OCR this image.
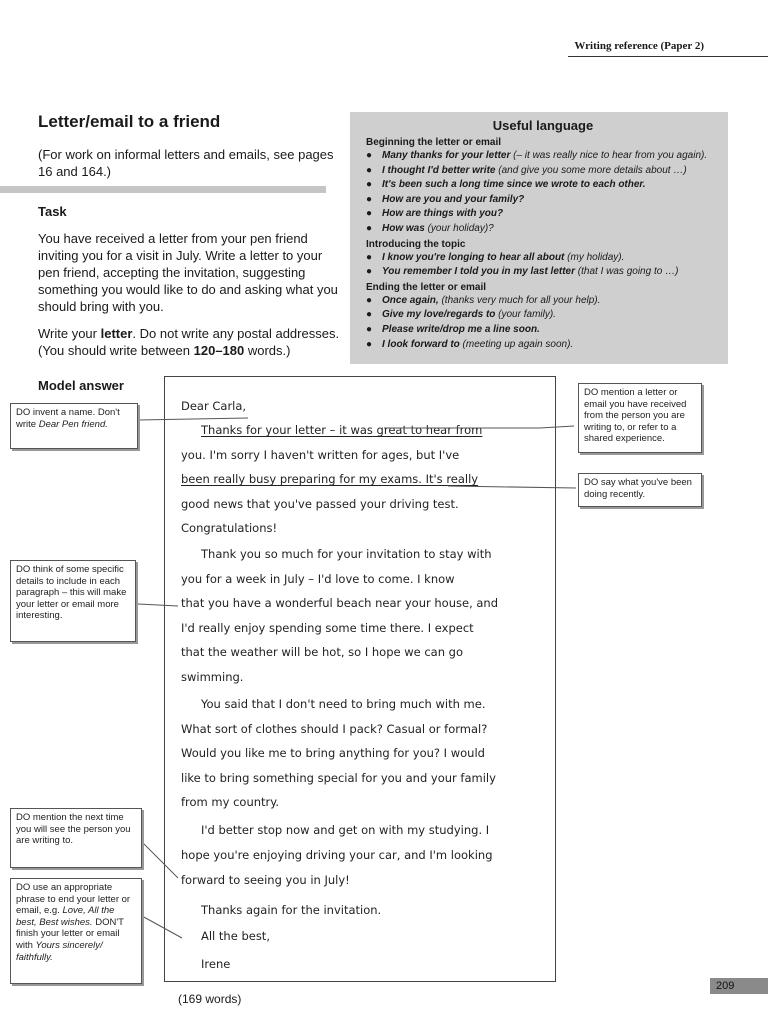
Writing reference (Paper 2)
Letter/email to a friend

(For work on informal letters and emails, see pages 16 and 164.)

Task

You have received a letter from your pen friend inviting you for a visit in July. Write a letter to your pen friend, accepting the invitation, suggesting something you would like to do and asking what you should bring with you.

Write your letter. Do not write any postal addresses. (You should write between 120–180 words.)

Useful language
Beginning the letter or email
● Many thanks for your letter (– it was really nice to hear from you again).
● I thought I'd better write (and give you some more details about …)
● It's been such a long time since we wrote to each other.
● How are you and your family?
● How are things with you?
● How was (your holiday)?
Introducing the topic
● I know you're longing to hear all about (my holiday).
● You remember I told you in my last letter (that I was going to …)
Ending the letter or email
● Once again, (thanks very much for all your help).
● Give my love/regards to (your family).
● Please write/drop me a line soon.
● I look forward to (meeting up again soon).
Model answer
Dear Carla,
Thanks for your letter – it was great to hear from
you. I'm sorry I haven't written for ages, but I've
been really busy preparing for my exams. It's really
good news that you've passed your driving test.
Congratulations!
Thank you so much for your invitation to stay with
you for a week in July – I'd love to come. I know
that you have a wonderful beach near your house, and
I'd really enjoy spending some time there. I expect
that the weather will be hot, so I hope we can go
swimming.
You said that I don't need to bring much with me.
What sort of clothes should I pack? Casual or formal?
Would you like me to bring anything for you? I would
like to bring something special for you and your family
from my country.
I'd better stop now and get on with my studying. I
hope you're enjoying driving your car, and I'm looking
forward to seeing you in July!
Thanks again for the invitation.
All the best,
Irene
(169 words)
DO invent a name. Don't write Dear Pen friend.
DO mention a letter or email you have received from the person you are writing to, or refer to a shared experience.
DO say what you've been doing recently.
DO think of some specific details to include in each paragraph – this will make your letter or email more interesting.
DO mention the next time you will see the person you are writing to.
DO use an appropriate phrase to end your letter or email, e.g. Love, All the best, Best wishes. DON'T finish your letter or email with Yours sincerely/ faithfully.
209
